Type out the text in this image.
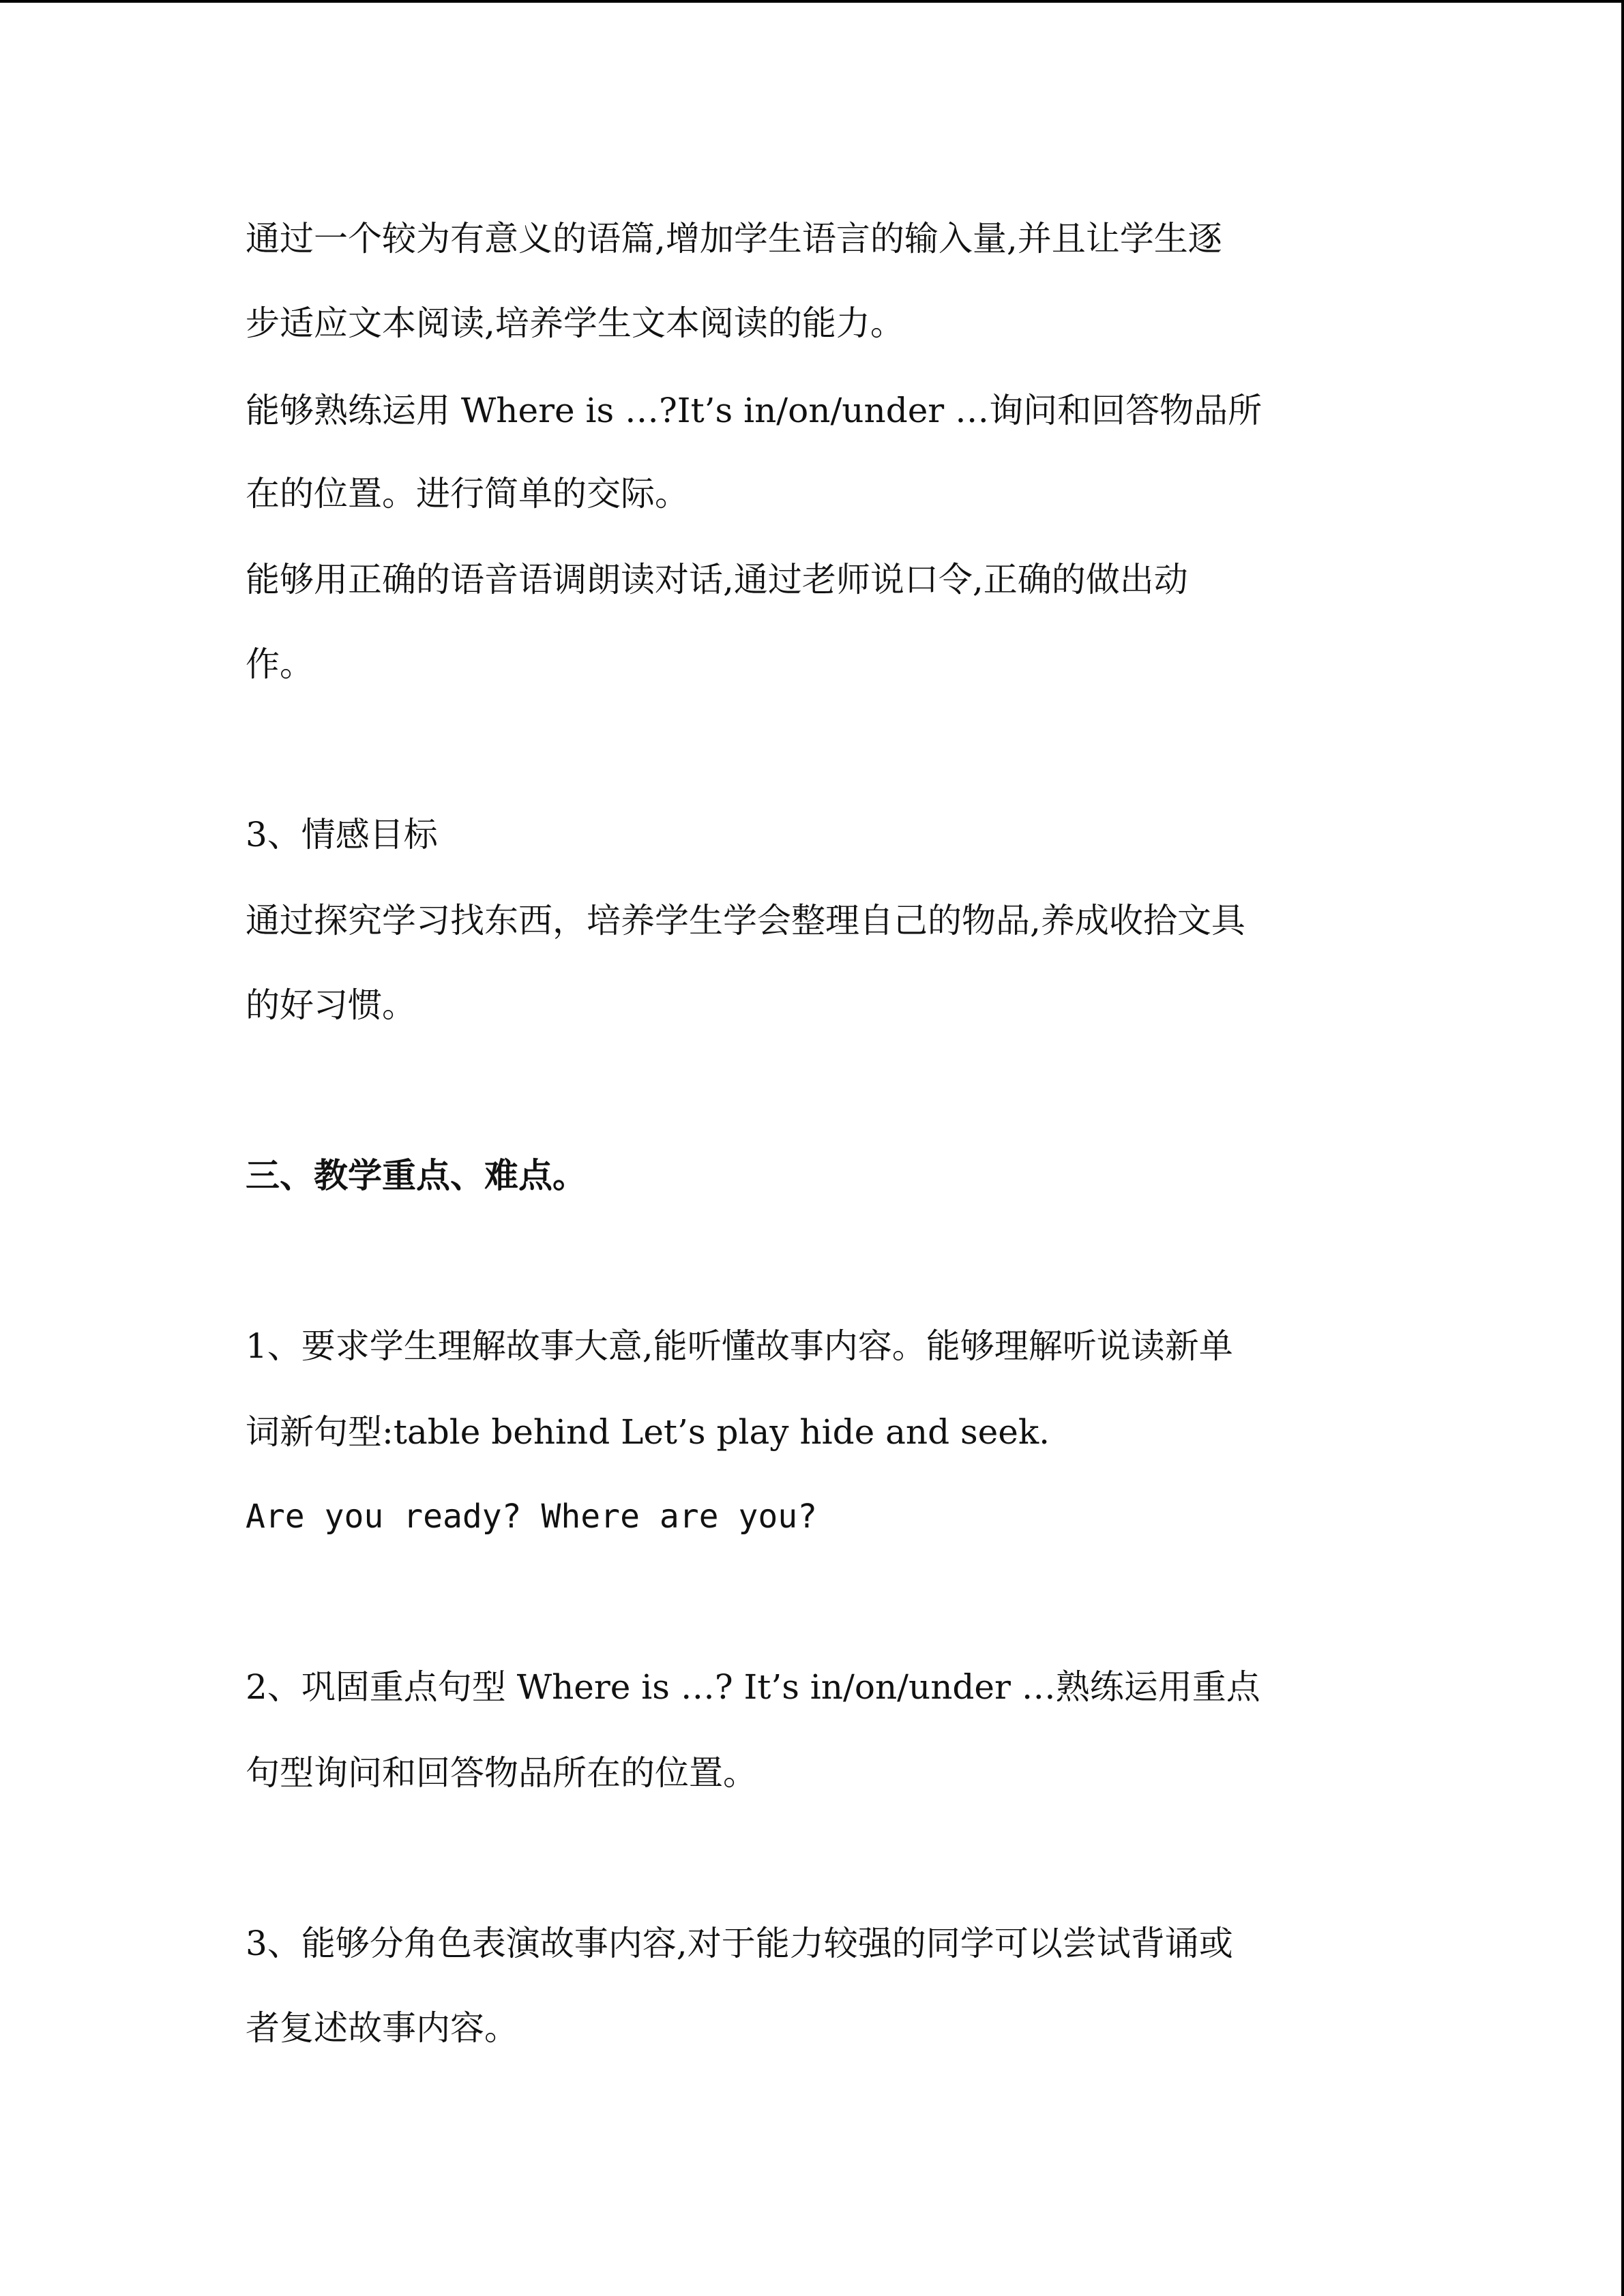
通过一个较为有意义的语篇,增加学生语言的输入量,并且让学生逐
步适应文本阅读,培养学生文本阅读的能力。
能够熟练运用 Where is …?It’s in/on/under …询问和回答物品所
在的位置。进行简单的交际。
能够用正确的语音语调朗读对话,通过老师说口令,正确的做出动
作。
3、情感目标
通过探究学习找东西，培养学生学会整理自己的物品,养成收拾文具
的好习惯。
三、教学重点、难点。
1、要求学生理解故事大意,能听懂故事内容。能够理解听说读新单
词新句型:table behind Let’s play hide and seek.
Are you ready? Where are you?
2、巩固重点句型 Where is …? It’s in/on/under …熟练运用重点
句型询问和回答物品所在的位置。
3、能够分角色表演故事内容,对于能力较强的同学可以尝试背诵或
者复述故事内容。
